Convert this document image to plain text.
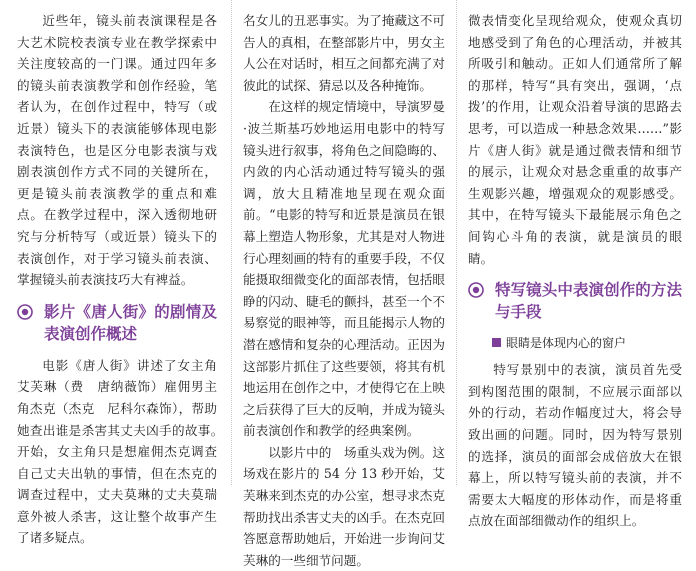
近些年，镜头前表演课程是各大艺术院校表演专业在教学探索中关注度较高的一门课。通过四年多的镜头前表演教学和创作经验，笔者认为，在创作过程中，特写（或近景）镜头下的表演能够体现电影表演特色，也是区分电影表演与戏剧表演创作方式不同的关键所在，更是镜头前表演教学的重点和难点。在教学过程中，深入透彻地研究与分析特写（或近景）镜头下的表演创作，对于学习镜头前表演、掌握镜头前表演技巧大有裨益。

影片《唐人街》的剧情及表演创作概述

电影《唐人街》讲述了女主角艾芙琳（费　唐纳薇饰）雇佣男主角杰克（杰克　尼科尔森饰），帮助她查出谁是杀害其丈夫凶手的故事。　开始，女主角只是想雇佣杰克调查自己丈夫出轨的事情，但在杰克的调查过程中，丈夫莫琳的丈夫莫瑞意外被人杀害，这让整个故事产生了诸多疑点。

名女儿的丑恶事实。为了掩藏这不可告人的真相，在整部影片中，男女主人公在对话时，相互之间都充满了对彼此的试探、猜忌以及各种掩饰。

在这样的规定情境中，导演罗曼·波兰斯基巧妙地运用电影中的特写镜头进行叙事，将角色之间隐晦的、内敛的内心活动通过特写镜头的强调，放大且精准地呈现在观众面前。“电影的特写和近景是演员在银幕上塑造人物形象，尤其是对人物进行心理刻画的特有的重要手段，不仅能摄取细微变化的面部表情，包括眼睁的闪动、睫毛的颤抖，甚至一个不易察觉的眼神等，而且能揭示人物的潜在感情和复杂的心理活动。正因为这部影片抓住了这些要领，将其有机地运用在创作之中，才使得它在上映之后获得了巨大的反响，并成为镜头前表演创作和教学的经典案例。

以影片中的　场重头戏为例。这场戏在影片的 54 分 13 秒开始，艾芙琳来到杰克的办公室，想寻求杰克帮助找出杀害丈夫的凶手。在杰克回答愿意帮助她后，开始进一步询问艾芙琳的一些细节问题。

微表情变化呈现给观众，使观众真切地感受到了角色的心理活动，并被其所吸引和触动。正如人们通常所了解的那样，特写“具有突出，强调，‘点拨’的作用，让观众沿着导演的思路去思考，可以造成一种悬念效果……”影片《唐人街》就是通过微表情和细节的展示，让观众对悬念重重的故事产生观影兴趣，增强观众的观影感受。其中，在特写镜头下最能展示角色之间钩心斗角的表演，就是演员的眼睛。

特写镜头中表演创作的方法与手段
眼睛是体现内心的窗户

特写景别中的表演，演员首先受到构图范围的限制，不应展示面部以外的行动，若动作幅度过大，将会导致出画的问题。同时，因为特写景别的选择，演员的面部会成倍放大在银幕上，所以特写镜头前的表演，并不需要太大幅度的形体动作，而是将重点放在面部细微动作的组织上。
